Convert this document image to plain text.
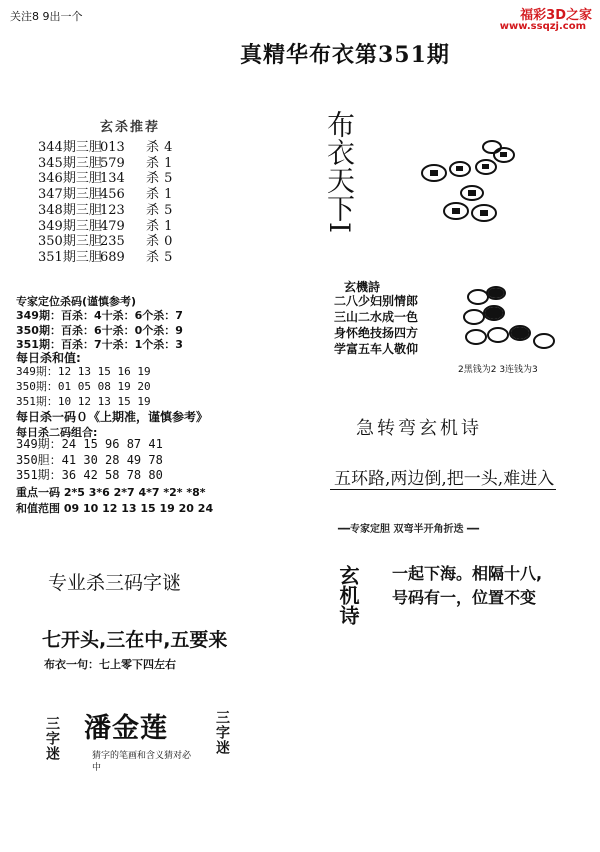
关注8 9出一个	福彩3D之家
www.ssqzj.com
真精华布衣第351期
玄杀推荐
344期三胆013 杀 4
345期三胆579 杀 1
346期三胆134 杀 5
347期三胆456 杀 1
348期三胆123 杀 5
349期三胆479 杀 1
350期三胆235 杀 0
351期三胆689 杀 5
专家定位杀码(谨慎参考)
349期：百杀：4十杀：6个杀：7
350期：百杀：6十杀：0个杀：9
351期：百杀：7十杀：1个杀：3
每日杀和值:
349期：12 13 15 16 19
350期：01 05 08 19 20
351期：10 12 13 15 19
每日杀一码０《上期准，谨慎参考》
每日杀二码组合:
349期：24 15 96 87 41
350胆：41 30 28 49 78
351期：36 42 58 78 80
重点一码 2*5 3*6 2*7 4*7 *2* *8*
和值范围 09 10 12 13 15 19 20 24
专业杀三码字谜
七开头,三在中,五要来
布衣一句：七上零下四左右
三字迷 潘金莲
猜字的笔画和含义猜对必中
三字迷
布衣天下I
玄機詩
二八少妇别情郎
三山二水成一色
身怀绝技扬四方
学富五车人敬仰
2黑钱为2 3连钱为3
急转弯玄机诗
五环路,两边倒,把一头,难进入
━━专家定胆 双弯半开角折迭 ━━
玄机诗 一起下海。相隔十八,
号码有一，位置不变
